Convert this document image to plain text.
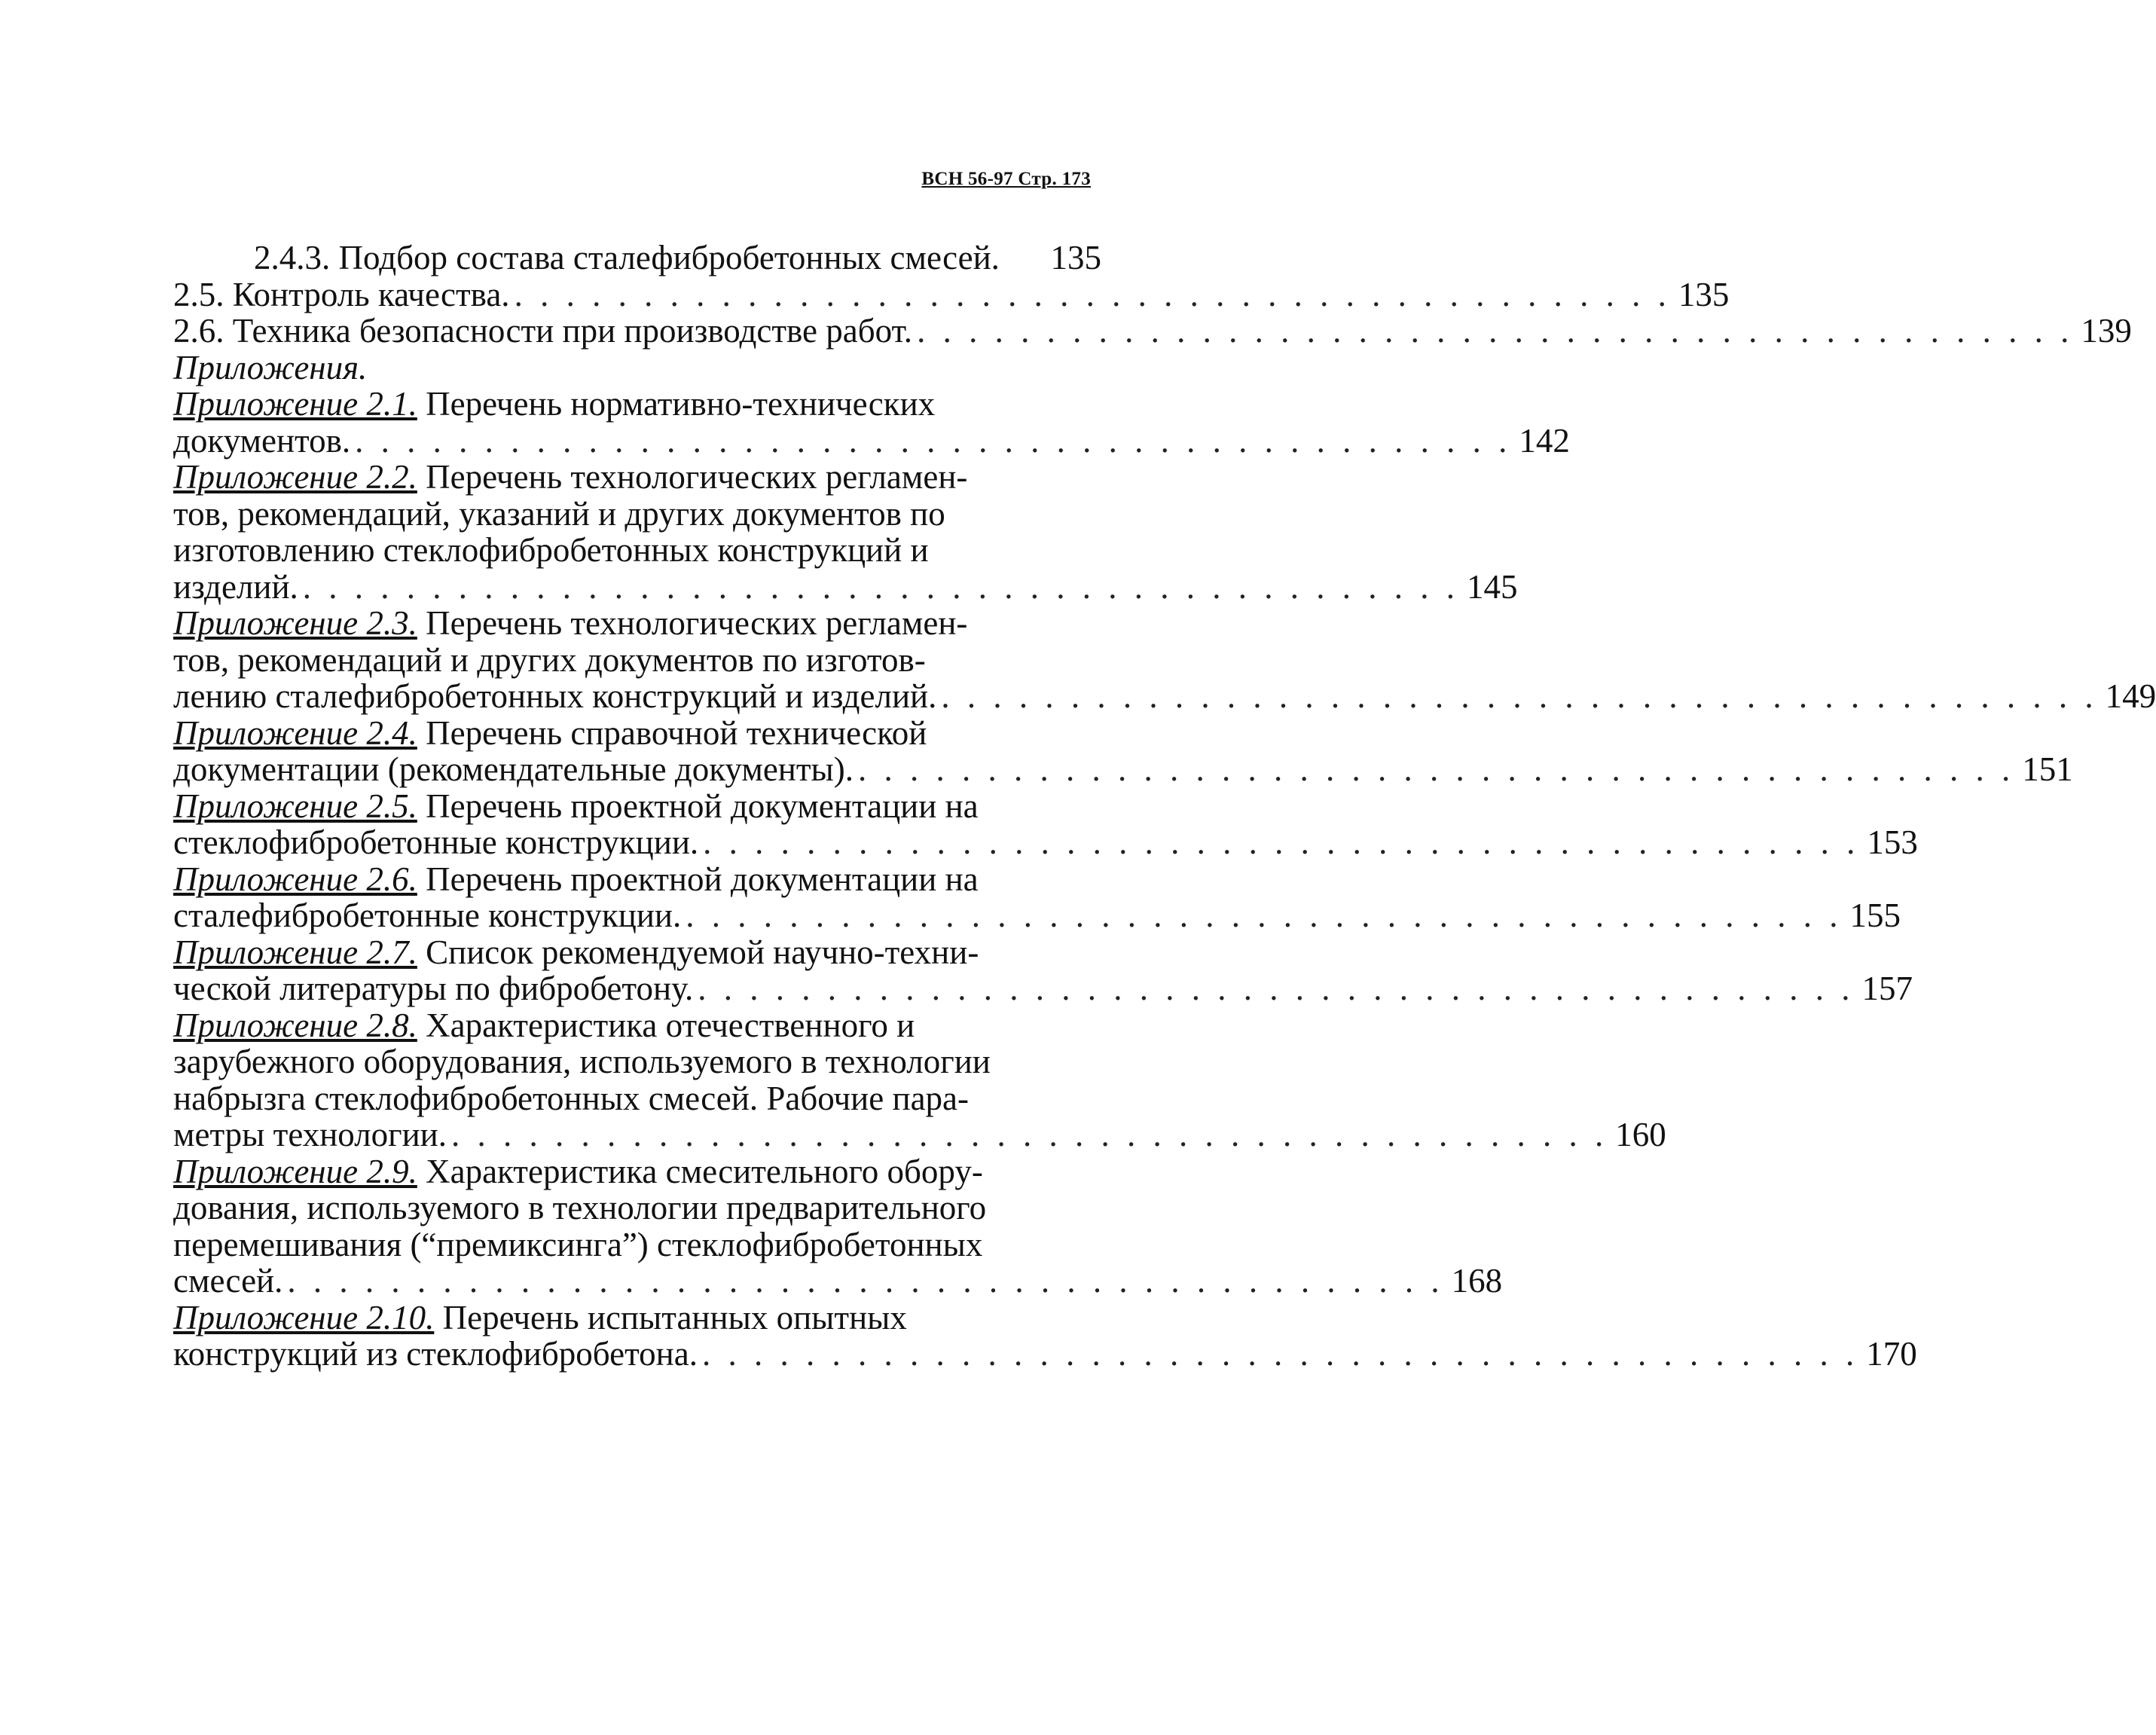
ВСН 56-97 Стр. 173
2.4.3. Подбор состава сталефибробетонных смесей. 135
2.5. Контроль качества. . . .	135
2.6. Техника безопасности при производстве работ. . . .	139
Приложения.
Приложение 2.1. Перечень нормативно-технических
документов. . . .	142
Приложение 2.2. Перечень технологических регламен-
тов, рекомендаций, указаний и других документов по
изготовлению стеклофибробетонных конструкций и
изделий. . . .	145
Приложение 2.3. Перечень технологических регламен-
тов, рекомендаций и других документов по изготов-
лению сталефибробетонных конструкций и изделий. . . .	149
Приложение 2.4. Перечень справочной технической
документации (рекомендательные документы). . . .	151
Приложение 2.5. Перечень проектной документации на
стеклофибробетонные конструкции. . . .	153
Приложение 2.6. Перечень проектной документации на
сталефибробетонные конструкции. . . .	155
Приложение 2.7. Список рекомендуемой научно-техни-
ческой литературы по фибробетону. . . .	157
Приложение 2.8. Характеристика отечественного и
зарубежного оборудования, используемого в технологии
набрызга стеклофибробетонных смесей. Рабочие пара-
метры технологии. . . .	160
Приложение 2.9. Характеристика смесительного обору-
дования, используемого в технологии предварительного
перемешивания (“премиксинга”) стеклофибробетонных
смесей. . . .	168
Приложение 2.10. Перечень испытанных опытных
конструкций из стеклофибробетона. . . .	170
